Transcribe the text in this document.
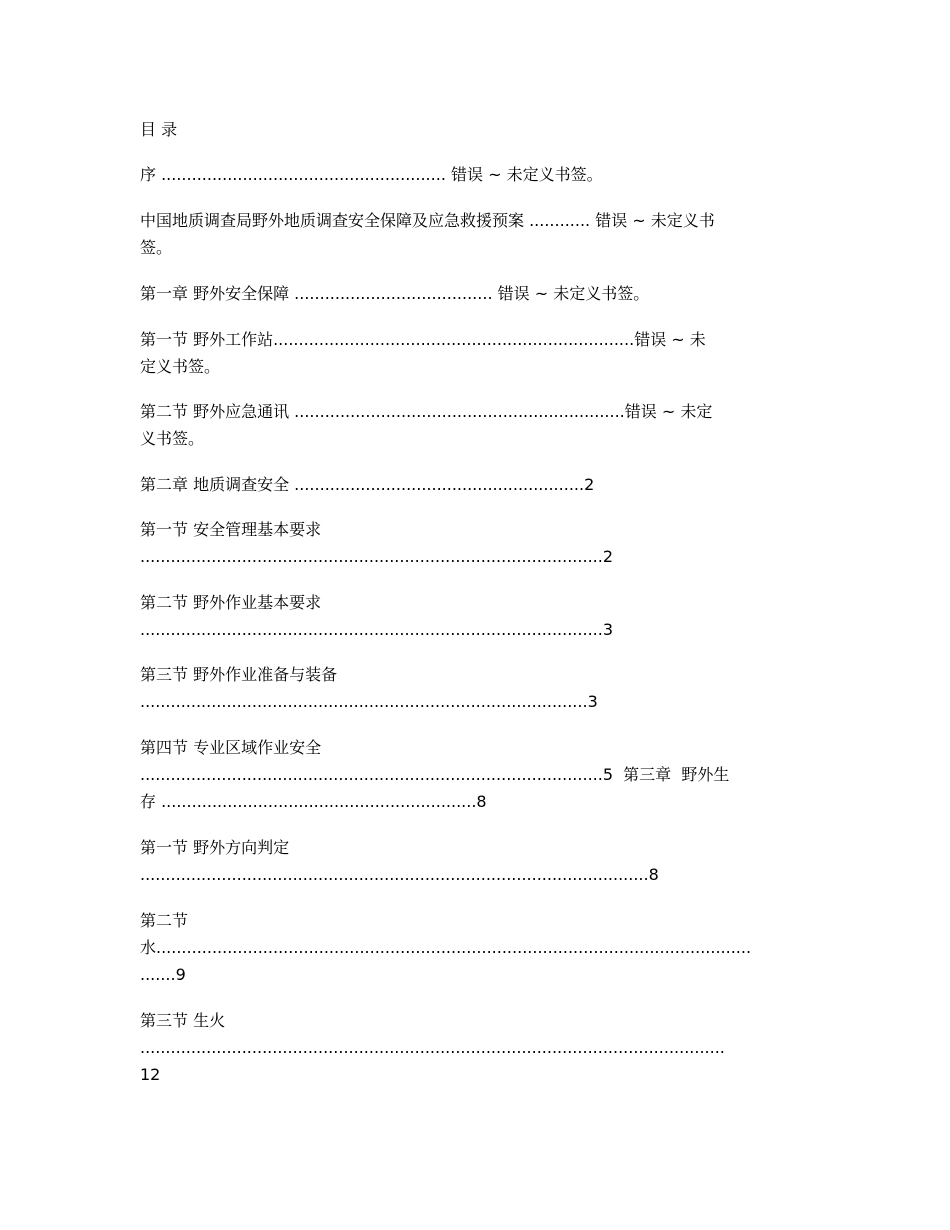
目 录
序 ........................................................ 错误 ~ 未定义书签。
中国地质调查局野外地质调查安全保障及应急救援预案 ............ 错误 ~ 未定义书
签。
第一章 野外安全保障 ....................................... 错误 ~ 未定义书签。
第一节 野外工作站.......................................................................错误 ~ 未
定义书签。
第二节 野外应急通讯 .................................................................错误 ~ 未定
义书签。
第二章 地质调查安全 .........................................................2
第一节 安全管理基本要求
...........................................................................................2
第二节 野外作业基本要求
...........................................................................................3
第三节 野外作业准备与装备
........................................................................................3
第四节 专业区域作业安全
...........................................................................................5  第三章  野外生
存 ..............................................................8
第一节 野外方向判定
....................................................................................................8
第二节
水.....................................................................................................................
.......9
第三节 生火
...................................................................................................................
12
